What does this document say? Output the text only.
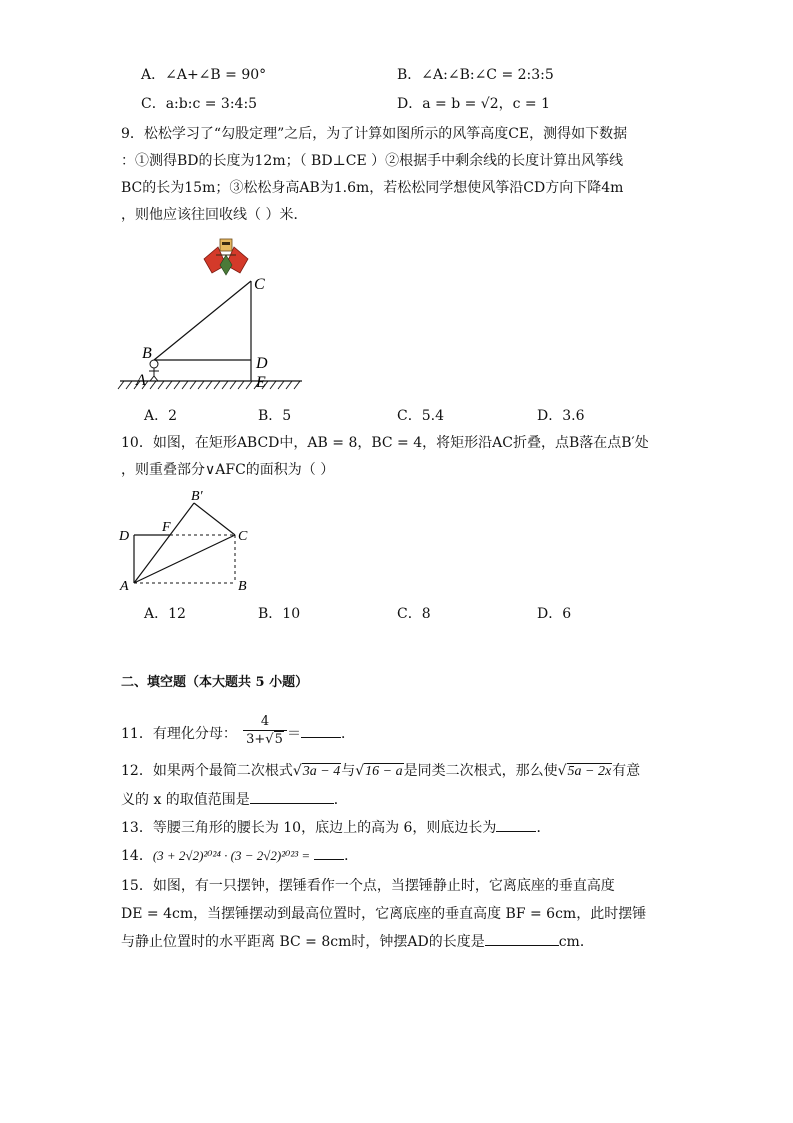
A．∠A+∠B = 90°	B．∠A:∠B:∠C = 2:3:5
C．a:b:c = 3:4:5	D．a = b = √2，c = 1
9．松松学习了“勾股定理”之后，为了计算如图所示的风筝高度CE，测得如下数据
：①测得BD的长度为12m；（ BD⊥CE ）②根据手中剩余线的长度计算出风筝线
BC的长为15m；③松松身高AB为1.6m，若松松同学想使风筝沿CD方向下降4m
，则他应该往回收线（ ）米．
C
B
D
A	E
A．2	B．5	C．5.4	D．3.6
10．如图，在矩形ABCD中，AB = 8，BC = 4，将矩形沿AC折叠，点B落在点B′处
，则重叠部分∨AFC的面积为（ ）
B′
D
F
C
A	B
A．12	B．10	C．8	D．6
二、填空题（本大题共 5 小题）
11．有理化分母：
4
3+√5 ＝	．
12．如果两个最简二次根式√3a − 4与√16 − a是同类二次根式，那么使√5a − 2x有意
义的 x 的取值范围是	．
13．等腰三角形的腰长为 10，底边上的高为 6，则底边长为	．
14．(3 + 2√2)²⁰²⁴ · (3 − 2√2)²⁰²³ = ．
15．如图，有一只摆钟，摆锤看作一个点，当摆锤静止时，它离底座的垂直高度
DE = 4cm，当摆锤摆动到最高位置时，它离底座的垂直高度 BF = 6cm，此时摆锤
与静止位置时的水平距离 BC = 8cm时，钟摆AD的长度是	cm．
